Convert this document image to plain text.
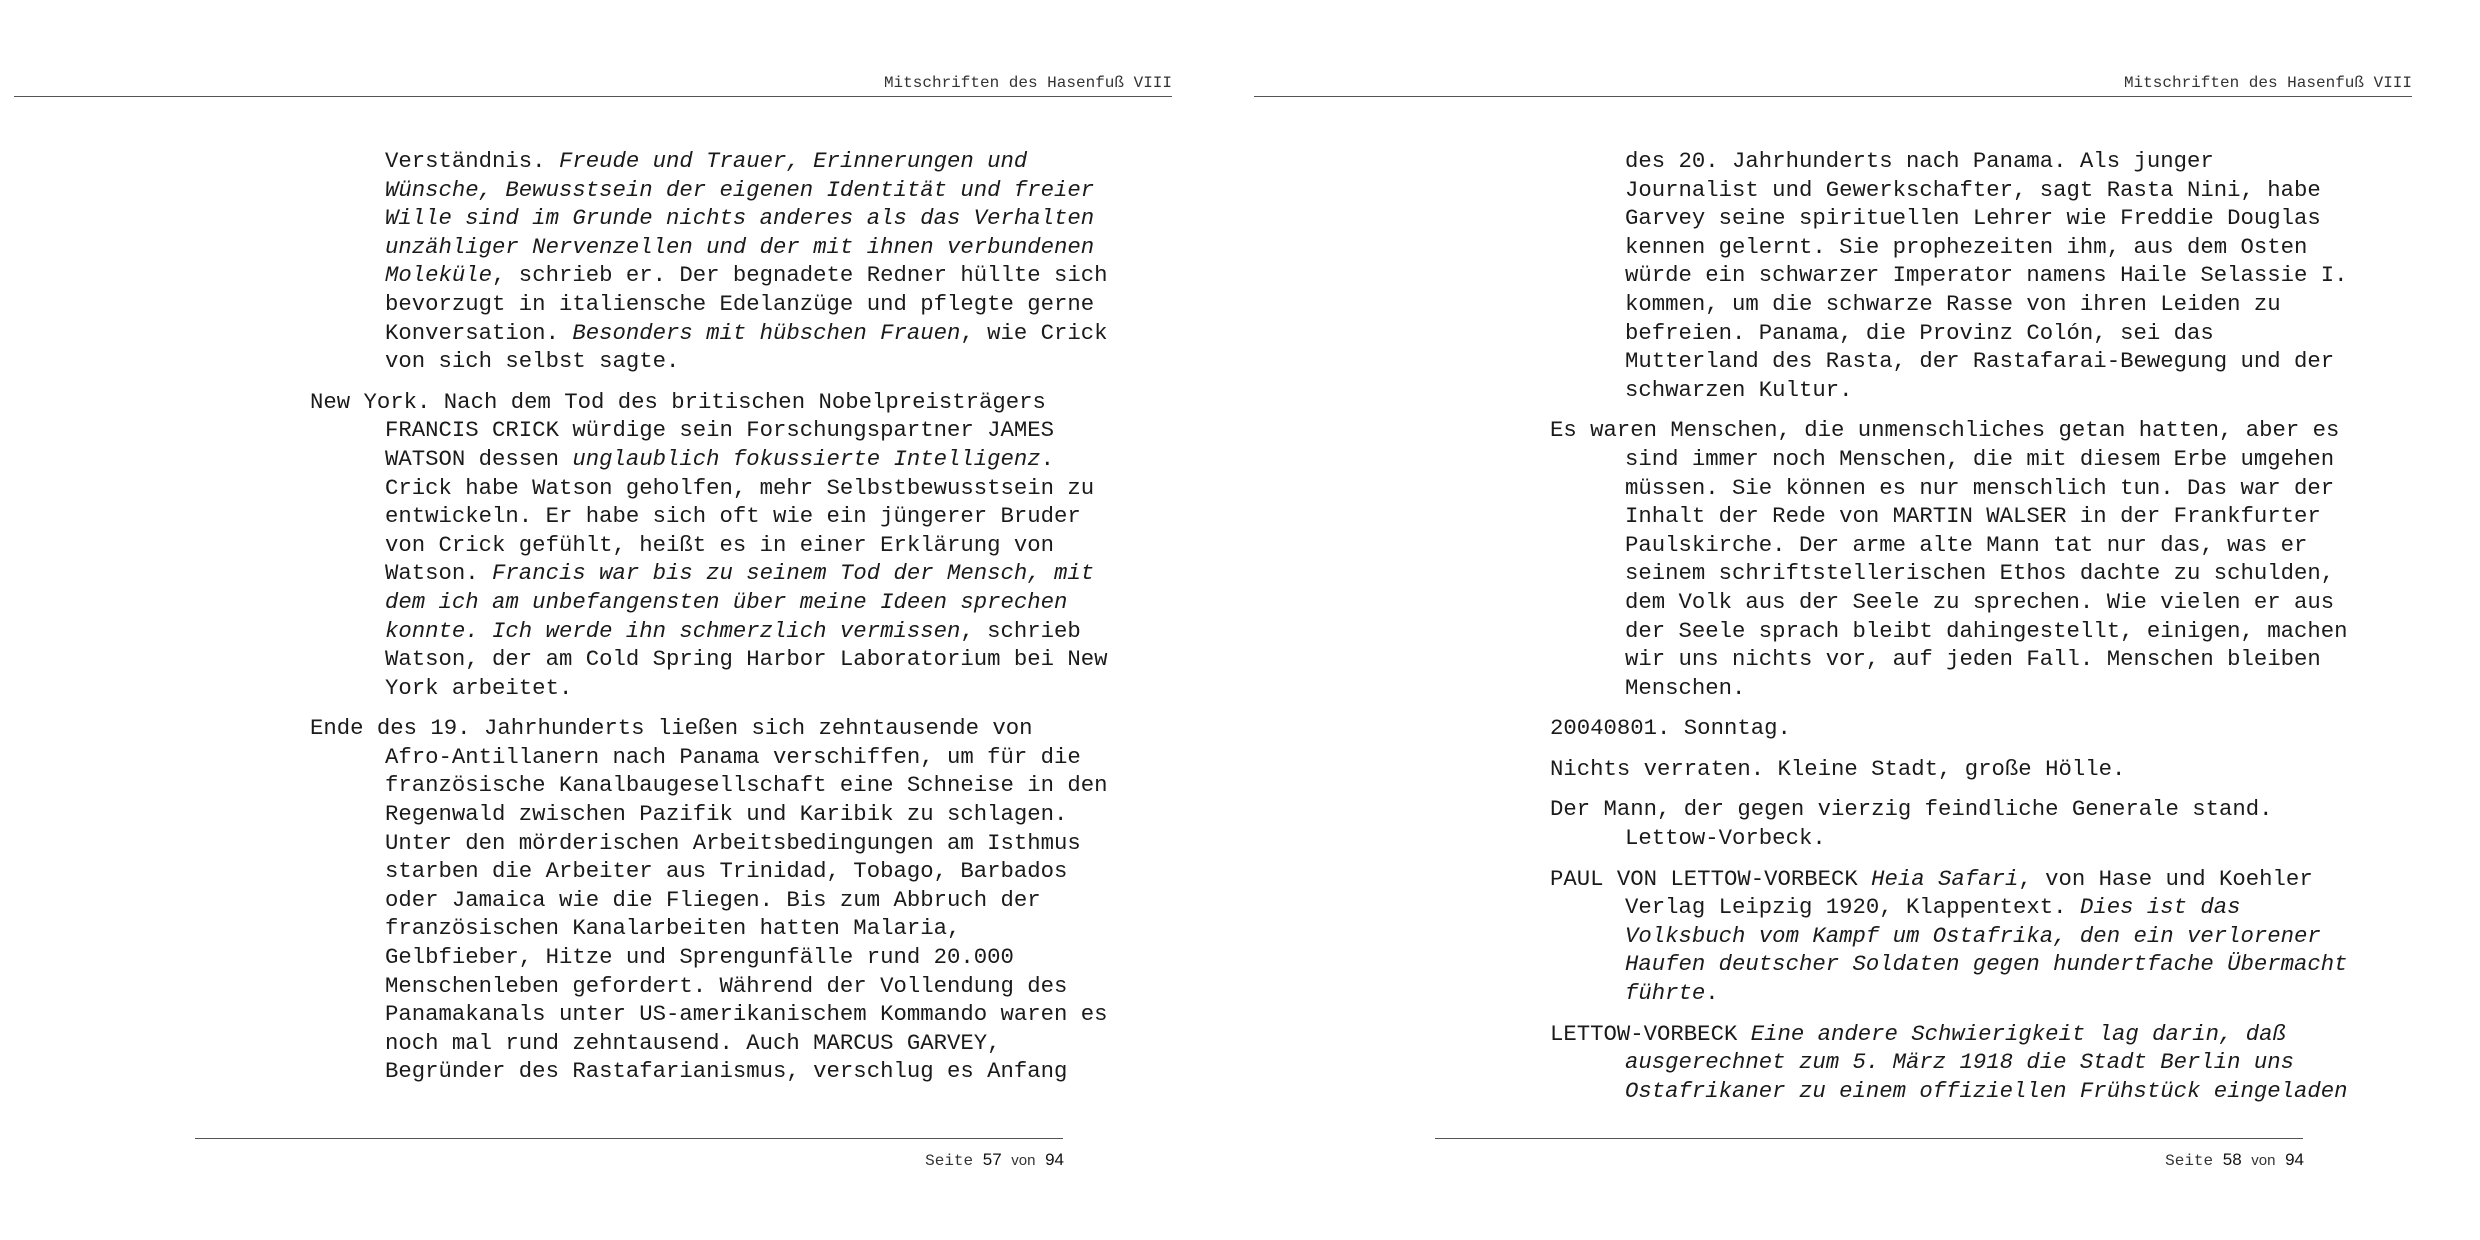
Mitschriften des Hasenfuß VIII

Verständnis. Freude und Trauer, Erinnerungen und Wünsche, Bewusstsein der eigenen Identität und freier Wille sind im Grunde nichts anderes als das Verhalten unzähliger Nervenzellen und der mit ihnen verbundenen Moleküle, schrieb er. Der begnadete Redner hüllte sich bevorzugt in italiensche Edelanzüge und pflegte gerne Konversation. Besonders mit hübschen Frauen, wie Crick von sich selbst sagte.

New York. Nach dem Tod des britischen Nobelpreisträgers FRANCIS CRICK würdige sein Forschungspartner JAMES WATSON dessen unglaublich fokussierte Intelligenz. Crick habe Watson geholfen, mehr Selbstbewusstsein zu entwickeln. Er habe sich oft wie ein jüngerer Bruder von Crick gefühlt, heißt es in einer Erklärung von Watson. Francis war bis zu seinem Tod der Mensch, mit dem ich am unbefangensten über meine Ideen sprechen konnte. Ich werde ihn schmerzlich vermissen, schrieb Watson, der am Cold Spring Harbor Laboratorium bei New York arbeitet.

Ende des 19. Jahrhunderts ließen sich zehntausende von Afro-Antillanern nach Panama verschiffen, um für die französische Kanalbaugesellschaft eine Schneise in den Regenwald zwischen Pazifik und Karibik zu schlagen. Unter den mörderischen Arbeitsbedingungen am Isthmus starben die Arbeiter aus Trinidad, Tobago, Barbados oder Jamaica wie die Fliegen. Bis zum Abbruch der französischen Kanalarbeiten hatten Malaria, Gelbfieber, Hitze und Sprengunfälle rund 20.000 Menschenleben gefordert. Während der Vollendung des Panamakanals unter US-amerikanischem Kommando waren es noch mal rund zehntausend. Auch MARCUS GARVEY, Begründer des Rastafarianismus, verschlug es Anfang

Seite 57 von 94
Mitschriften des Hasenfuß VIII

des 20. Jahrhunderts nach Panama. Als junger Journalist und Gewerkschafter, sagt Rasta Nini, habe Garvey seine spirituellen Lehrer wie Freddie Douglas kennen gelernt. Sie prophezeiten ihm, aus dem Osten würde ein schwarzer Imperator namens Haile Selassie I. kommen, um die schwarze Rasse von ihren Leiden zu befreien. Panama, die Provinz Colón, sei das Mutterland des Rasta, der Rastafarai-Bewegung und der schwarzen Kultur.

Es waren Menschen, die unmenschliches getan hatten, aber es sind immer noch Menschen, die mit diesem Erbe umgehen müssen. Sie können es nur menschlich tun. Das war der Inhalt der Rede von MARTIN WALSER in der Frankfurter Paulskirche. Der arme alte Mann tat nur das, was er seinem schriftstellerischen Ethos dachte zu schulden, dem Volk aus der Seele zu sprechen. Wie vielen er aus der Seele sprach bleibt dahingestellt, einigen, machen wir uns nichts vor, auf jeden Fall. Menschen bleiben Menschen.

20040801. Sonntag.

Nichts verraten. Kleine Stadt, große Hölle.

Der Mann, der gegen vierzig feindliche Generale stand. Lettow-Vorbeck.

PAUL VON LETTOW-VORBECK Heia Safari, von Hase und Koehler Verlag Leipzig 1920, Klappentext. Dies ist das Volksbuch vom Kampf um Ostafrika, den ein verlorener Haufen deutscher Soldaten gegen hundertfache Übermacht führte.

LETTOW-VORBECK Eine andere Schwierigkeit lag darin, daß ausgerechnet zum 5. März 1918 die Stadt Berlin uns Ostafrikaner zu einem offiziellen Frühstück eingeladen

Seite 58 von 94
